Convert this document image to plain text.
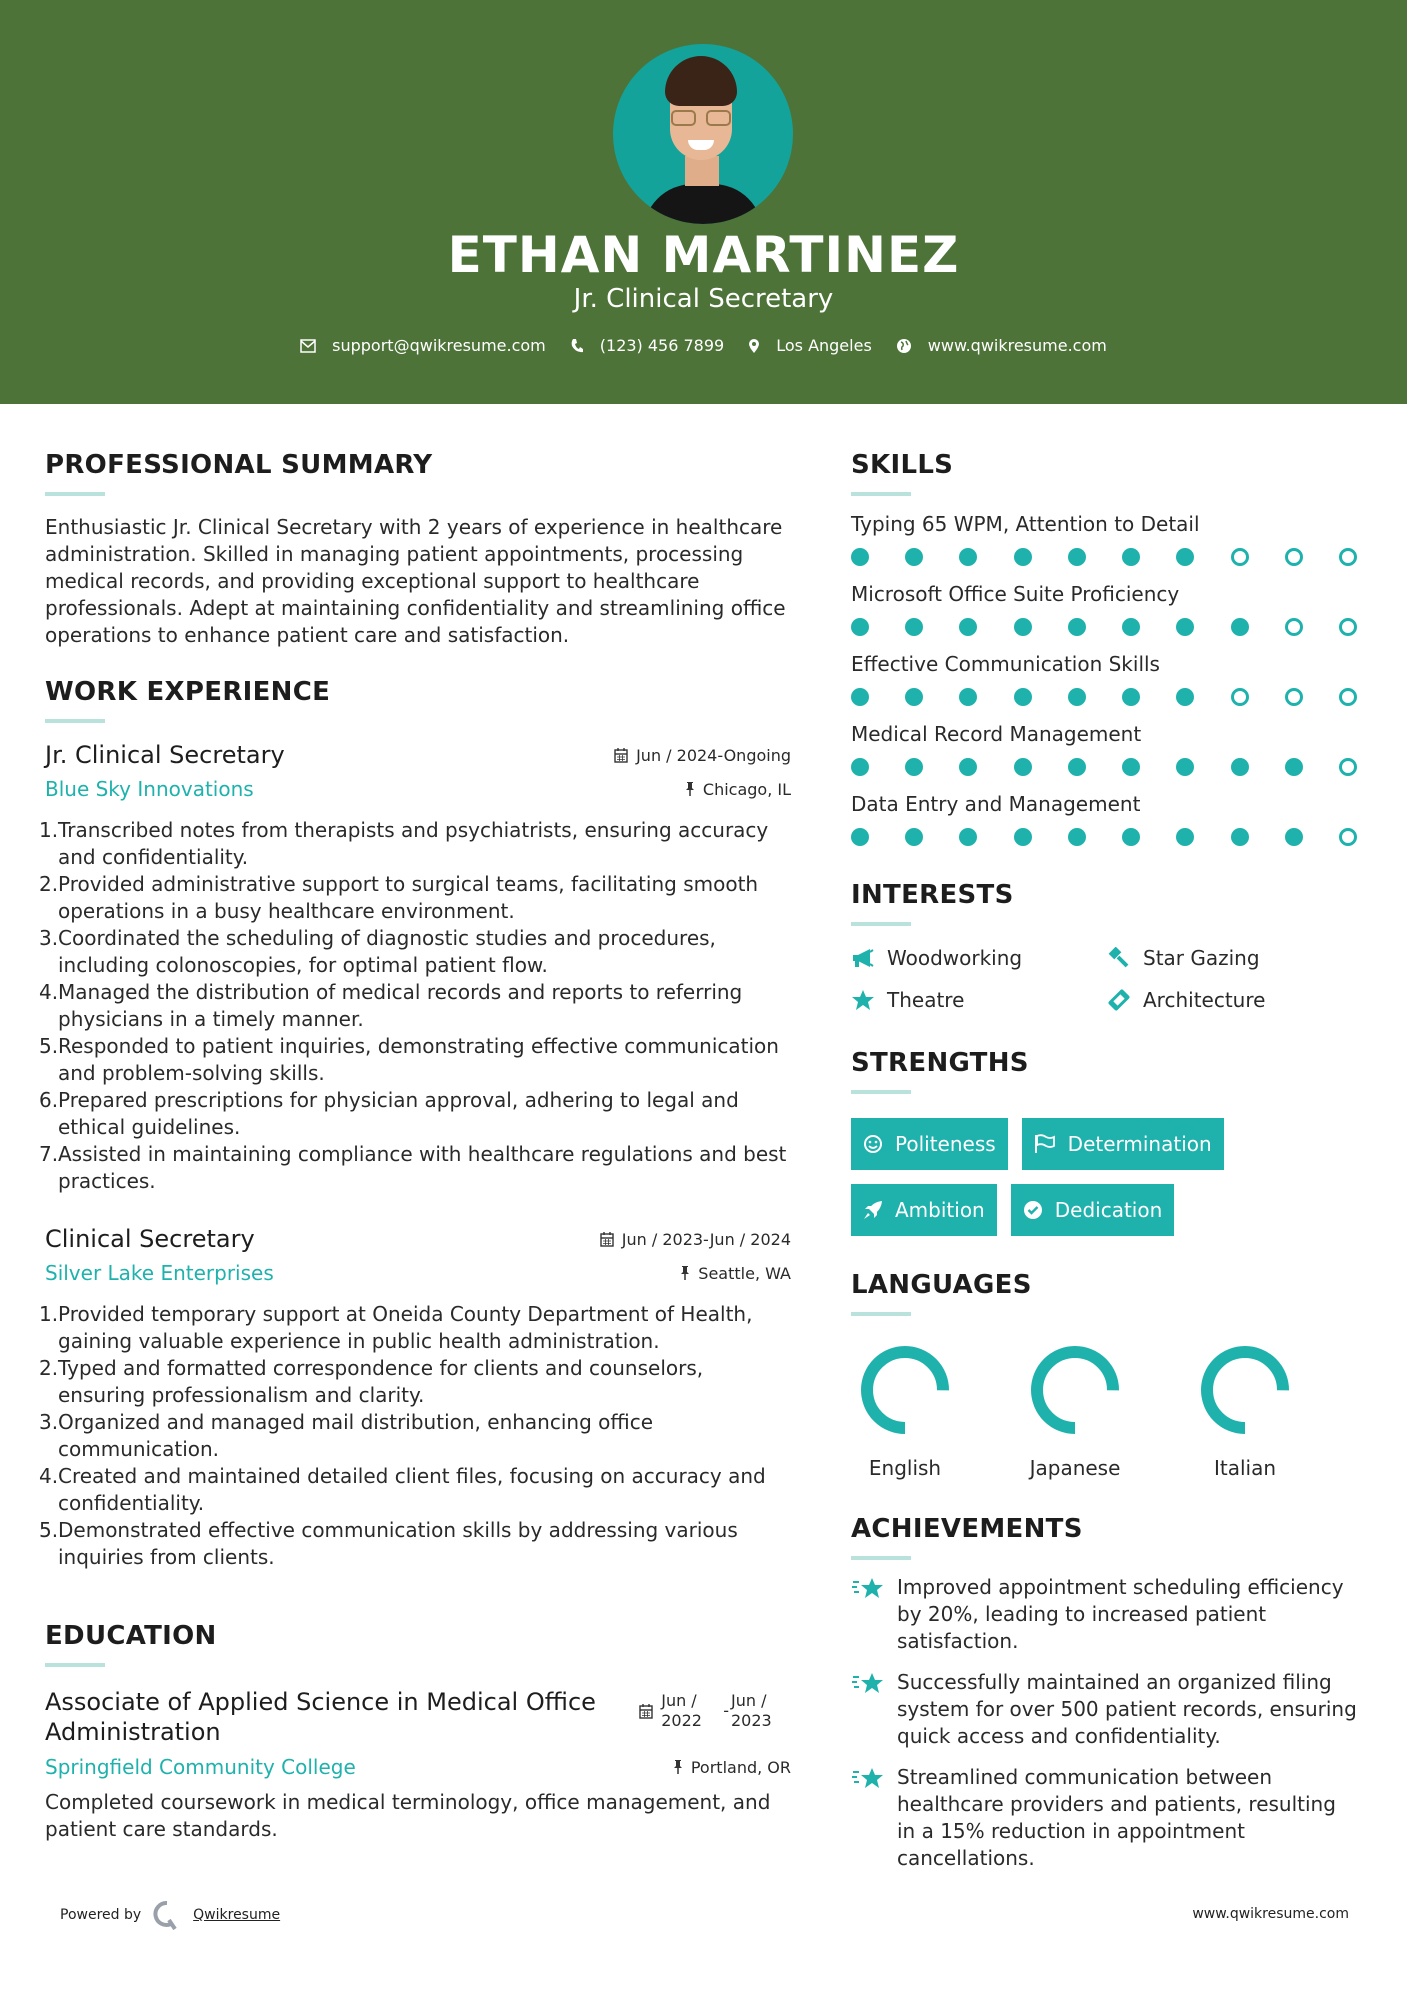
ETHAN MARTINEZ
Jr. Clinical Secretary
support@qwikresume.com	(123) 456 7899	Los Angeles	www.qwikresume.com
PROFESSIONAL SUMMARY

Enthusiastic Jr. Clinical Secretary with 2 years of experience in healthcare administration. Skilled in managing patient appointments, processing medical records, and providing exceptional support to healthcare professionals. Adept at maintaining confidentiality and streamlining office operations to enhance patient care and satisfaction.

WORK EXPERIENCE
Jr. Clinical Secretary	Jun / 2024-Ongoing
Blue Sky Innovations	Chicago, IL
1.Transcribed notes from therapists and psychiatrists, ensuring accuracy and confidentiality.
2.Provided administrative support to surgical teams, facilitating smooth operations in a busy healthcare environment.
3.Coordinated the scheduling of diagnostic studies and procedures, including colonoscopies, for optimal patient flow.
4.Managed the distribution of medical records and reports to referring physicians in a timely manner.
5.Responded to patient inquiries, demonstrating effective communication and problem-solving skills.
6.Prepared prescriptions for physician approval, adhering to legal and ethical guidelines.
7.Assisted in maintaining compliance with healthcare regulations and best practices.
Clinical Secretary	Jun / 2023-Jun / 2024
Silver Lake Enterprises	Seattle, WA
1.Provided temporary support at Oneida County Department of Health, gaining valuable experience in public health administration.
2.Typed and formatted correspondence for clients and counselors, ensuring professionalism and clarity.
3.Organized and managed mail distribution, enhancing office communication.
4.Created and maintained detailed client files, focusing on accuracy and confidentiality.
5.Demonstrated effective communication skills by addressing various inquiries from clients.
EDUCATION
Associate of Applied Science in Medical Office Administration
Jun / 2022
-
Jun / 2023
Springfield Community College	Portland, OR

Completed coursework in medical terminology, office management, and patient care standards.

SKILLS
Typing 65 WPM, Attention to Detail
Microsoft Office Suite Proficiency
Effective Communication Skills
Medical Record Management
Data Entry and Management
INTERESTS
Woodworking	Star Gazing
Theatre	Architecture
STRENGTHS
Politeness	Determination
Ambition	Dedication
LANGUAGES
English	Japanese	Italian
ACHIEVEMENTS
Improved appointment scheduling efficiency by 20%, leading to increased patient satisfaction.
Successfully maintained an organized filing system for over 500 patient records, ensuring quick access and confidentiality.
Streamlined communication between healthcare providers and patients, resulting in a 15% reduction in appointment cancellations.
Powered by	Qwikresume	www.qwikresume.com
